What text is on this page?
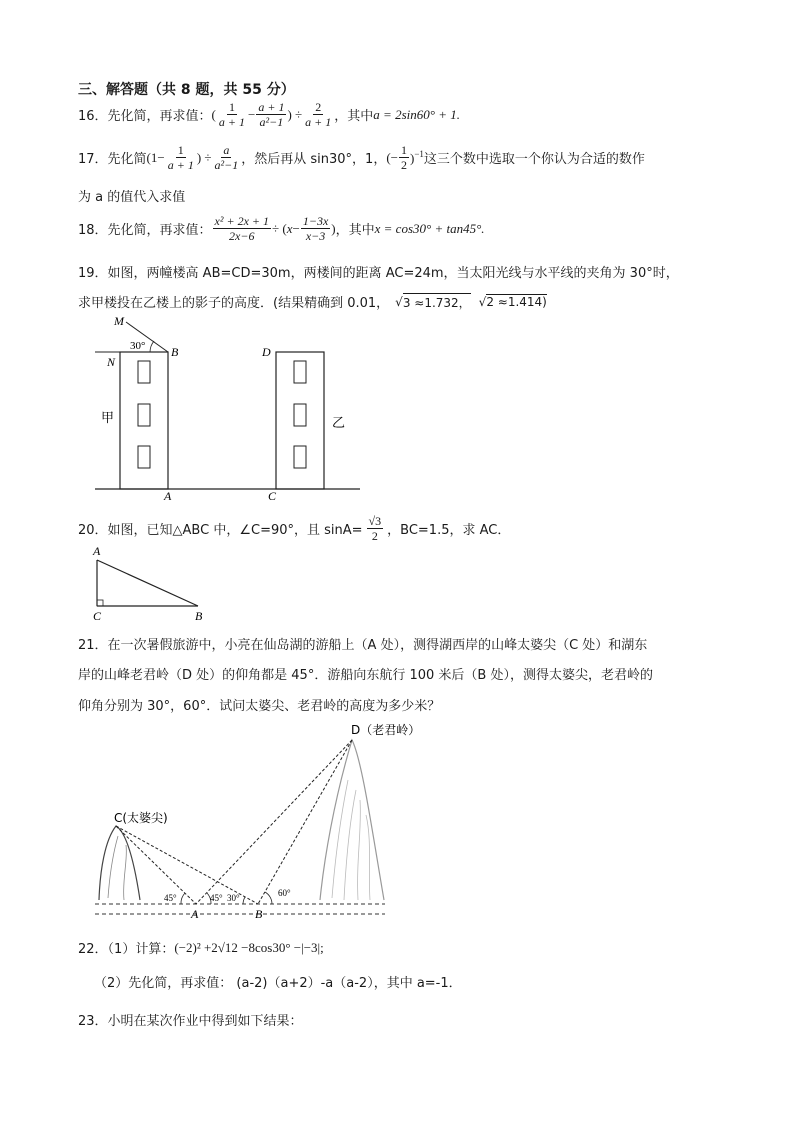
三、解答题（共 8 题，共 55 分）
16．先化简，再求值： ( $\frac{1}{a + 1} - \frac{a + 1}{\text{a²−1}}$ ) ÷ $\frac{2}{a + 1}$ ，其中 a = 2sin60° + 1.
17．先化简 ($1- \frac{1}{a + 1}$ ) ÷ $\frac{a}{\text{a²−1}}$ ，然后再从 sin30°，1， (− $\frac{1}{2} )^{-1}$ 这三个数中选取一个你认为合适的数作
为 a 的值代入求值
18．先化简，再求值： $\frac{\text{x² + 2x + 1}}{2x-6}$ ÷ ( $x - \frac{1-3x}{x-3}$ ) ，其中 x = cos30° + tan45°.
19．如图，两幢楼高 AB=CD=30m，两楼间的距离 AC=24m，当太阳光线与水平线的夹角为 30°时，
求甲楼投在乙楼上的影子的高度．(结果精确到 0.01， √ 3 ≈1.732， √ 2 ≈1.414)
M
30° B
N
D
A	C
甲	乙
A
C	B
45°	45° 30°	60°
A	B
C(太婆尖)
D（老君岭）
20．如图，已知△ABC 中，∠C=90°，且 $\sin A= \frac{√3}{2}$ ，BC=1.5，求 AC．
21．在一次暑假旅游中，小亮在仙岛湖的游船上（A 处），测得湖西岸的山峰太婆尖（C 处）和湖东
岸的山峰老君岭（D 处）的仰角都是 45°．游船向东航行 100 米后（B 处），测得太婆尖，老君岭的
仰角分别为 30°，60°．试问太婆尖、老君岭的高度为多少米？
22．（1）计算： (−2)² +2√12 −8cos30° −|−3|;
（2）先化简，再求值： (a-2)（a+2）-a（a-2），其中 a=-1．
23．小明在某次作业中得到如下结果：
